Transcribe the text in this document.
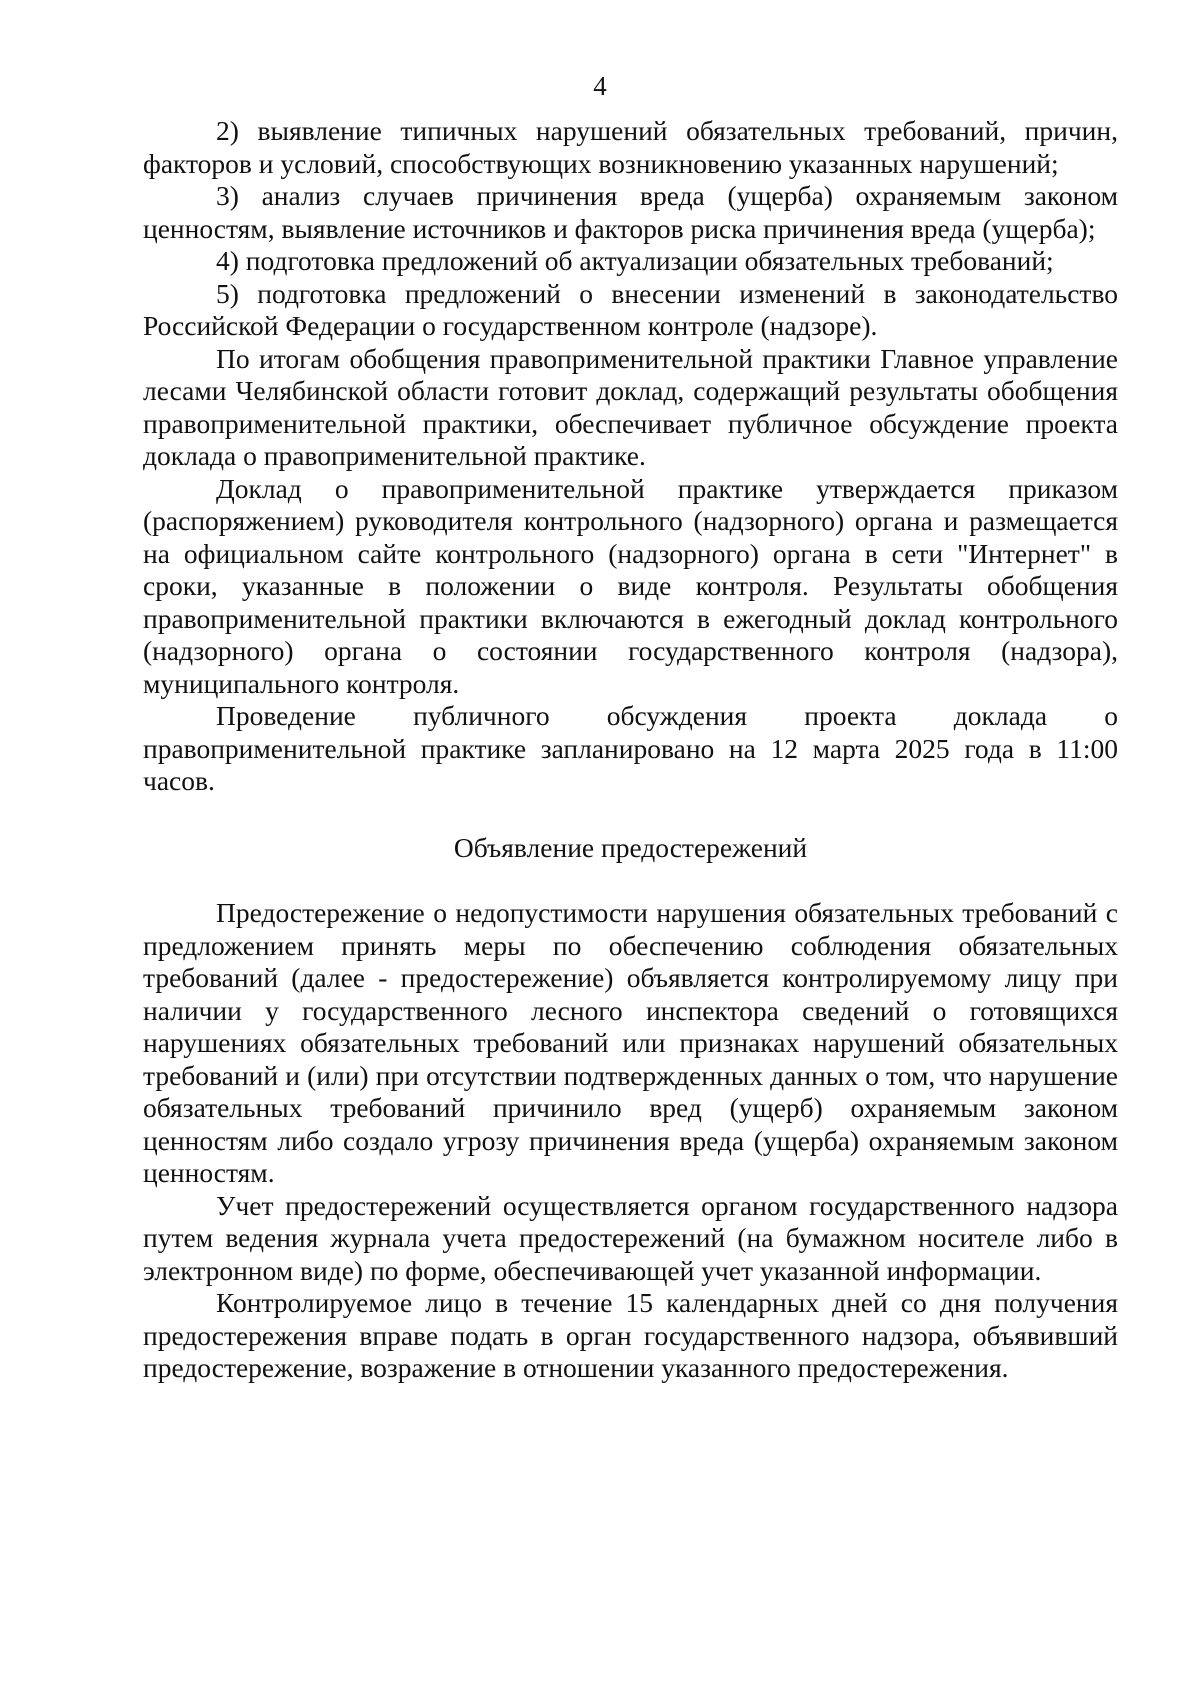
4

2) выявление типичных нарушений обязательных требований, причин, факторов и условий, способствующих возникновению указанных нарушений;

3) анализ случаев причинения вреда (ущерба) охраняемым законом ценностям, выявление источников и факторов риска причинения вреда (ущерба);

4) подготовка предложений об актуализации обязательных требований;

5) подготовка предложений о внесении изменений в законодательство Российской Федерации о государственном контроле (надзоре).

По итогам обобщения правоприменительной практики Главное управление лесами Челябинской области готовит доклад, содержащий результаты обобщения правоприменительной практики, обеспечивает публичное обсуждение проекта доклада о правоприменительной практике.

Доклад о правоприменительной практике утверждается приказом (распоряжением) руководителя контрольного (надзорного) органа и размещается на официальном сайте контрольного (надзорного) органа в сети "Интернет" в сроки, указанные в положении о виде контроля. Результаты обобщения правоприменительной практики включаются в ежегодный доклад контрольного (надзорного) органа о состоянии государственного контроля (надзора), муниципального контроля.

Проведение публичного обсуждения проекта доклада о правоприменительной практике запланировано на 12 марта 2025 года в 11:00 часов.

Объявление предостережений

Предостережение о недопустимости нарушения обязательных требований с предложением принять меры по обеспечению соблюдения обязательных требований (далее - предостережение) объявляется контролируемому лицу при наличии у государственного лесного инспектора сведений о готовящихся нарушениях обязательных требований или признаках нарушений обязательных требований и (или) при отсутствии подтвержденных данных о том, что нарушение обязательных требований причинило вред (ущерб) охраняемым законом ценностям либо создало угрозу причинения вреда (ущерба) охраняемым законом ценностям.

Учет предостережений осуществляется органом государственного надзора путем ведения журнала учета предостережений (на бумажном носителе либо в электронном виде) по форме, обеспечивающей учет указанной информации.

Контролируемое лицо в течение 15 календарных дней со дня получения предостережения вправе подать в орган государственного надзора, объявивший предостережение, возражение в отношении указанного предостережения.
